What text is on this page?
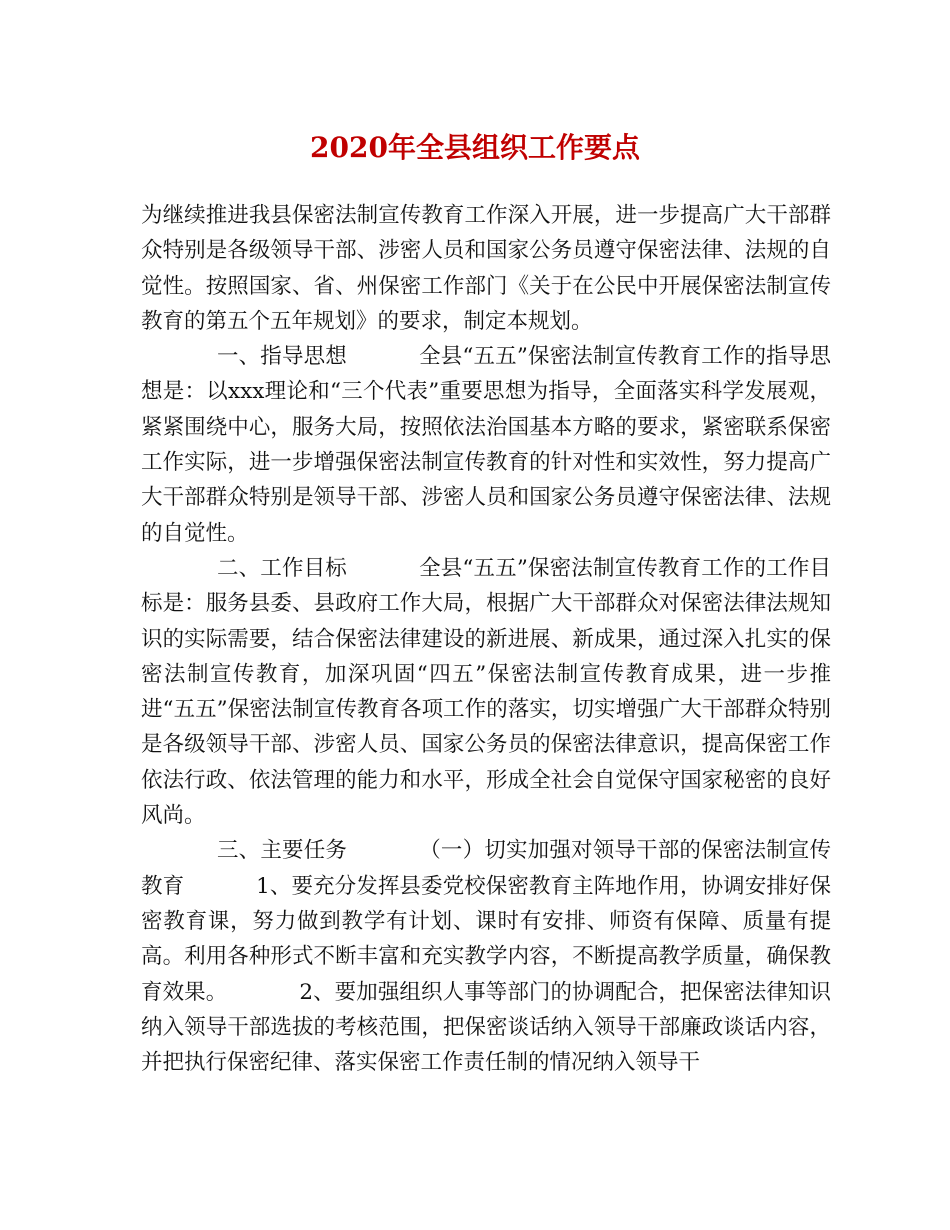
2020年全县组织工作要点

为继续推进我县保密法制宣传教育工作深入开展，进一步提高广大干部群众特别是各级领导干部、涉密人员和国家公务员遵守保密法律、法规的自觉性。按照国家、省、州保密工作部门《关于在公民中开展保密法制宣传教育的第五个五年规划》的要求，制定本规划。

一、指导思想	全县“五五”保密法制宣传教育工作的指导思想是：以xxx理论和“三个代表”重要思想为指导，全面落实科学发展观，紧紧围绕中心，服务大局，按照依法治国基本方略的要求，紧密联系保密工作实际，进一步增强保密法制宣传教育的针对性和实效性，努力提高广大干部群众特别是领导干部、涉密人员和国家公务员遵守保密法律、法规的自觉性。

二、工作目标	全县“五五”保密法制宣传教育工作的工作目标是：服务县委、县政府工作大局，根据广大干部群众对保密法律法规知识的实际需要，结合保密法律建设的新进展、新成果，通过深入扎实的保密法制宣传教育，加深巩固“四五”保密法制宣传教育成果，进一步推进“五五”保密法制宣传教育各项工作的落实，切实增强广大干部群众特别是各级领导干部、涉密人员、国家公务员的保密法律意识，提高保密工作依法行政、依法管理的能力和水平，形成全社会自觉保守国家秘密的良好风尚。

三、主要任务	（一）切实加强对领导干部的保密法制宣传教育	1、要充分发挥县委党校保密教育主阵地作用，协调安排好保密教育课，努力做到教学有计划、课时有安排、师资有保障、质量有提高。利用各种形式不断丰富和充实教学内容，不断提高教学质量，确保教育效果。	2、要加强组织人事等部门的协调配合，把保密法律知识纳入领导干部选拔的考核范围，把保密谈话纳入领导干部廉政谈话内容，并把执行保密纪律、落实保密工作责任制的情况纳入领导干
